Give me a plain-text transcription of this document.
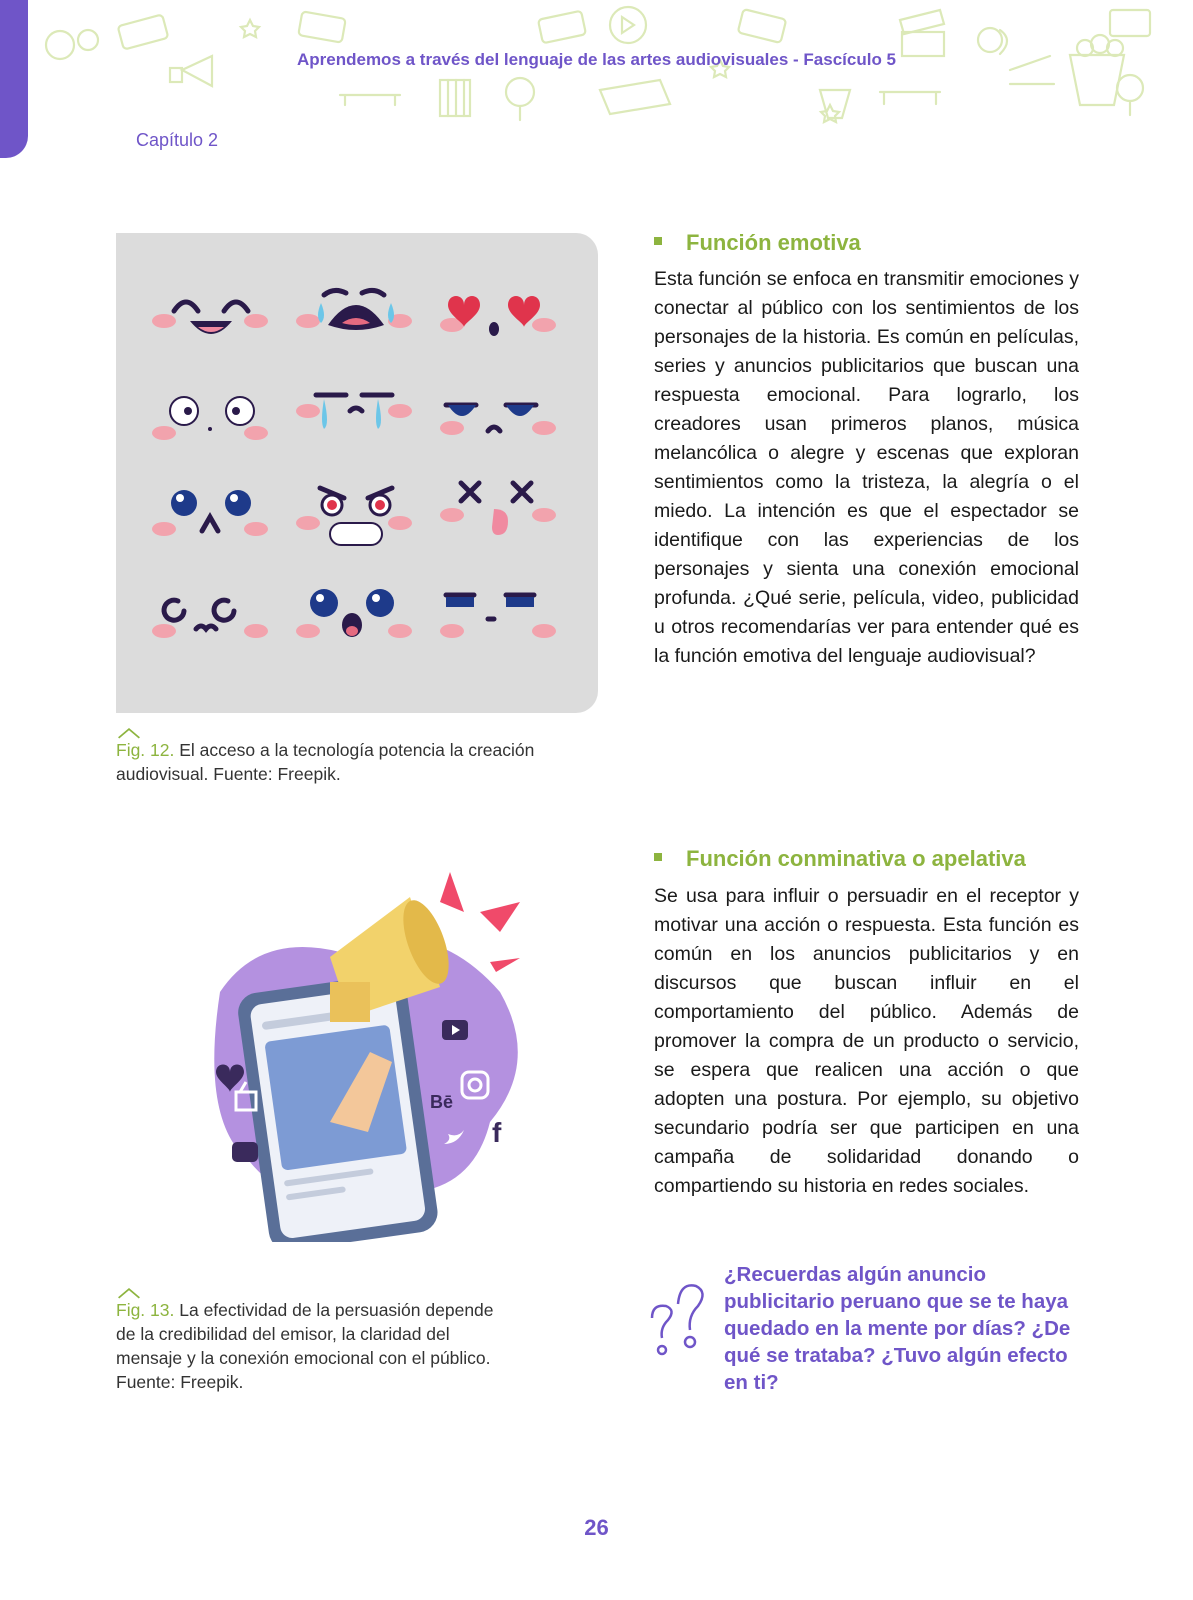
Aprendemos a través del lenguaje de las artes audiovisuales - Fascículo 5
Capítulo 2
︿
Fig. 12. El acceso a la tecnología potencia la creación audiovisual. Fuente: Freepik.
Función emotiva
Esta función se enfoca en transmitir emociones y conectar al público con los sentimientos de los personajes de la historia. Es común en películas, series y anuncios publicitarios que buscan una respuesta emocional. Para lograrlo, los creadores usan primeros planos, música melancólica o alegre y escenas que exploran sentimientos como la tristeza, la alegría o el miedo. La intención es que el espectador se identifique con las experiencias de los personajes y sienta una conexión emocional profunda. ¿Qué serie, película, video, publicidad u otros recomendarías ver para entender qué es la función emotiva del lenguaje audiovisual?
Bē
f
︿
Fig. 13. La efectividad de la persuasión depende de la credibilidad del emisor, la claridad del mensaje y la conexión emocional con el público. Fuente: Freepik.
Función conminativa o apelativa
Se usa para influir o persuadir en el receptor y motivar una acción o respuesta. Esta función es común en los anuncios publicitarios y en discursos que buscan influir en el comportamiento del público. Además de promover la compra de un producto o servicio, se espera que realicen una acción o que adopten una postura. Por ejemplo, su objetivo secundario podría ser que participen en una campaña de solidaridad donando o compartiendo su historia en redes sociales.
¿Recuerdas algún anuncio publicitario peruano que se te haya quedado en la mente por días? ¿De qué se trataba? ¿Tuvo algún efecto en ti?
26
